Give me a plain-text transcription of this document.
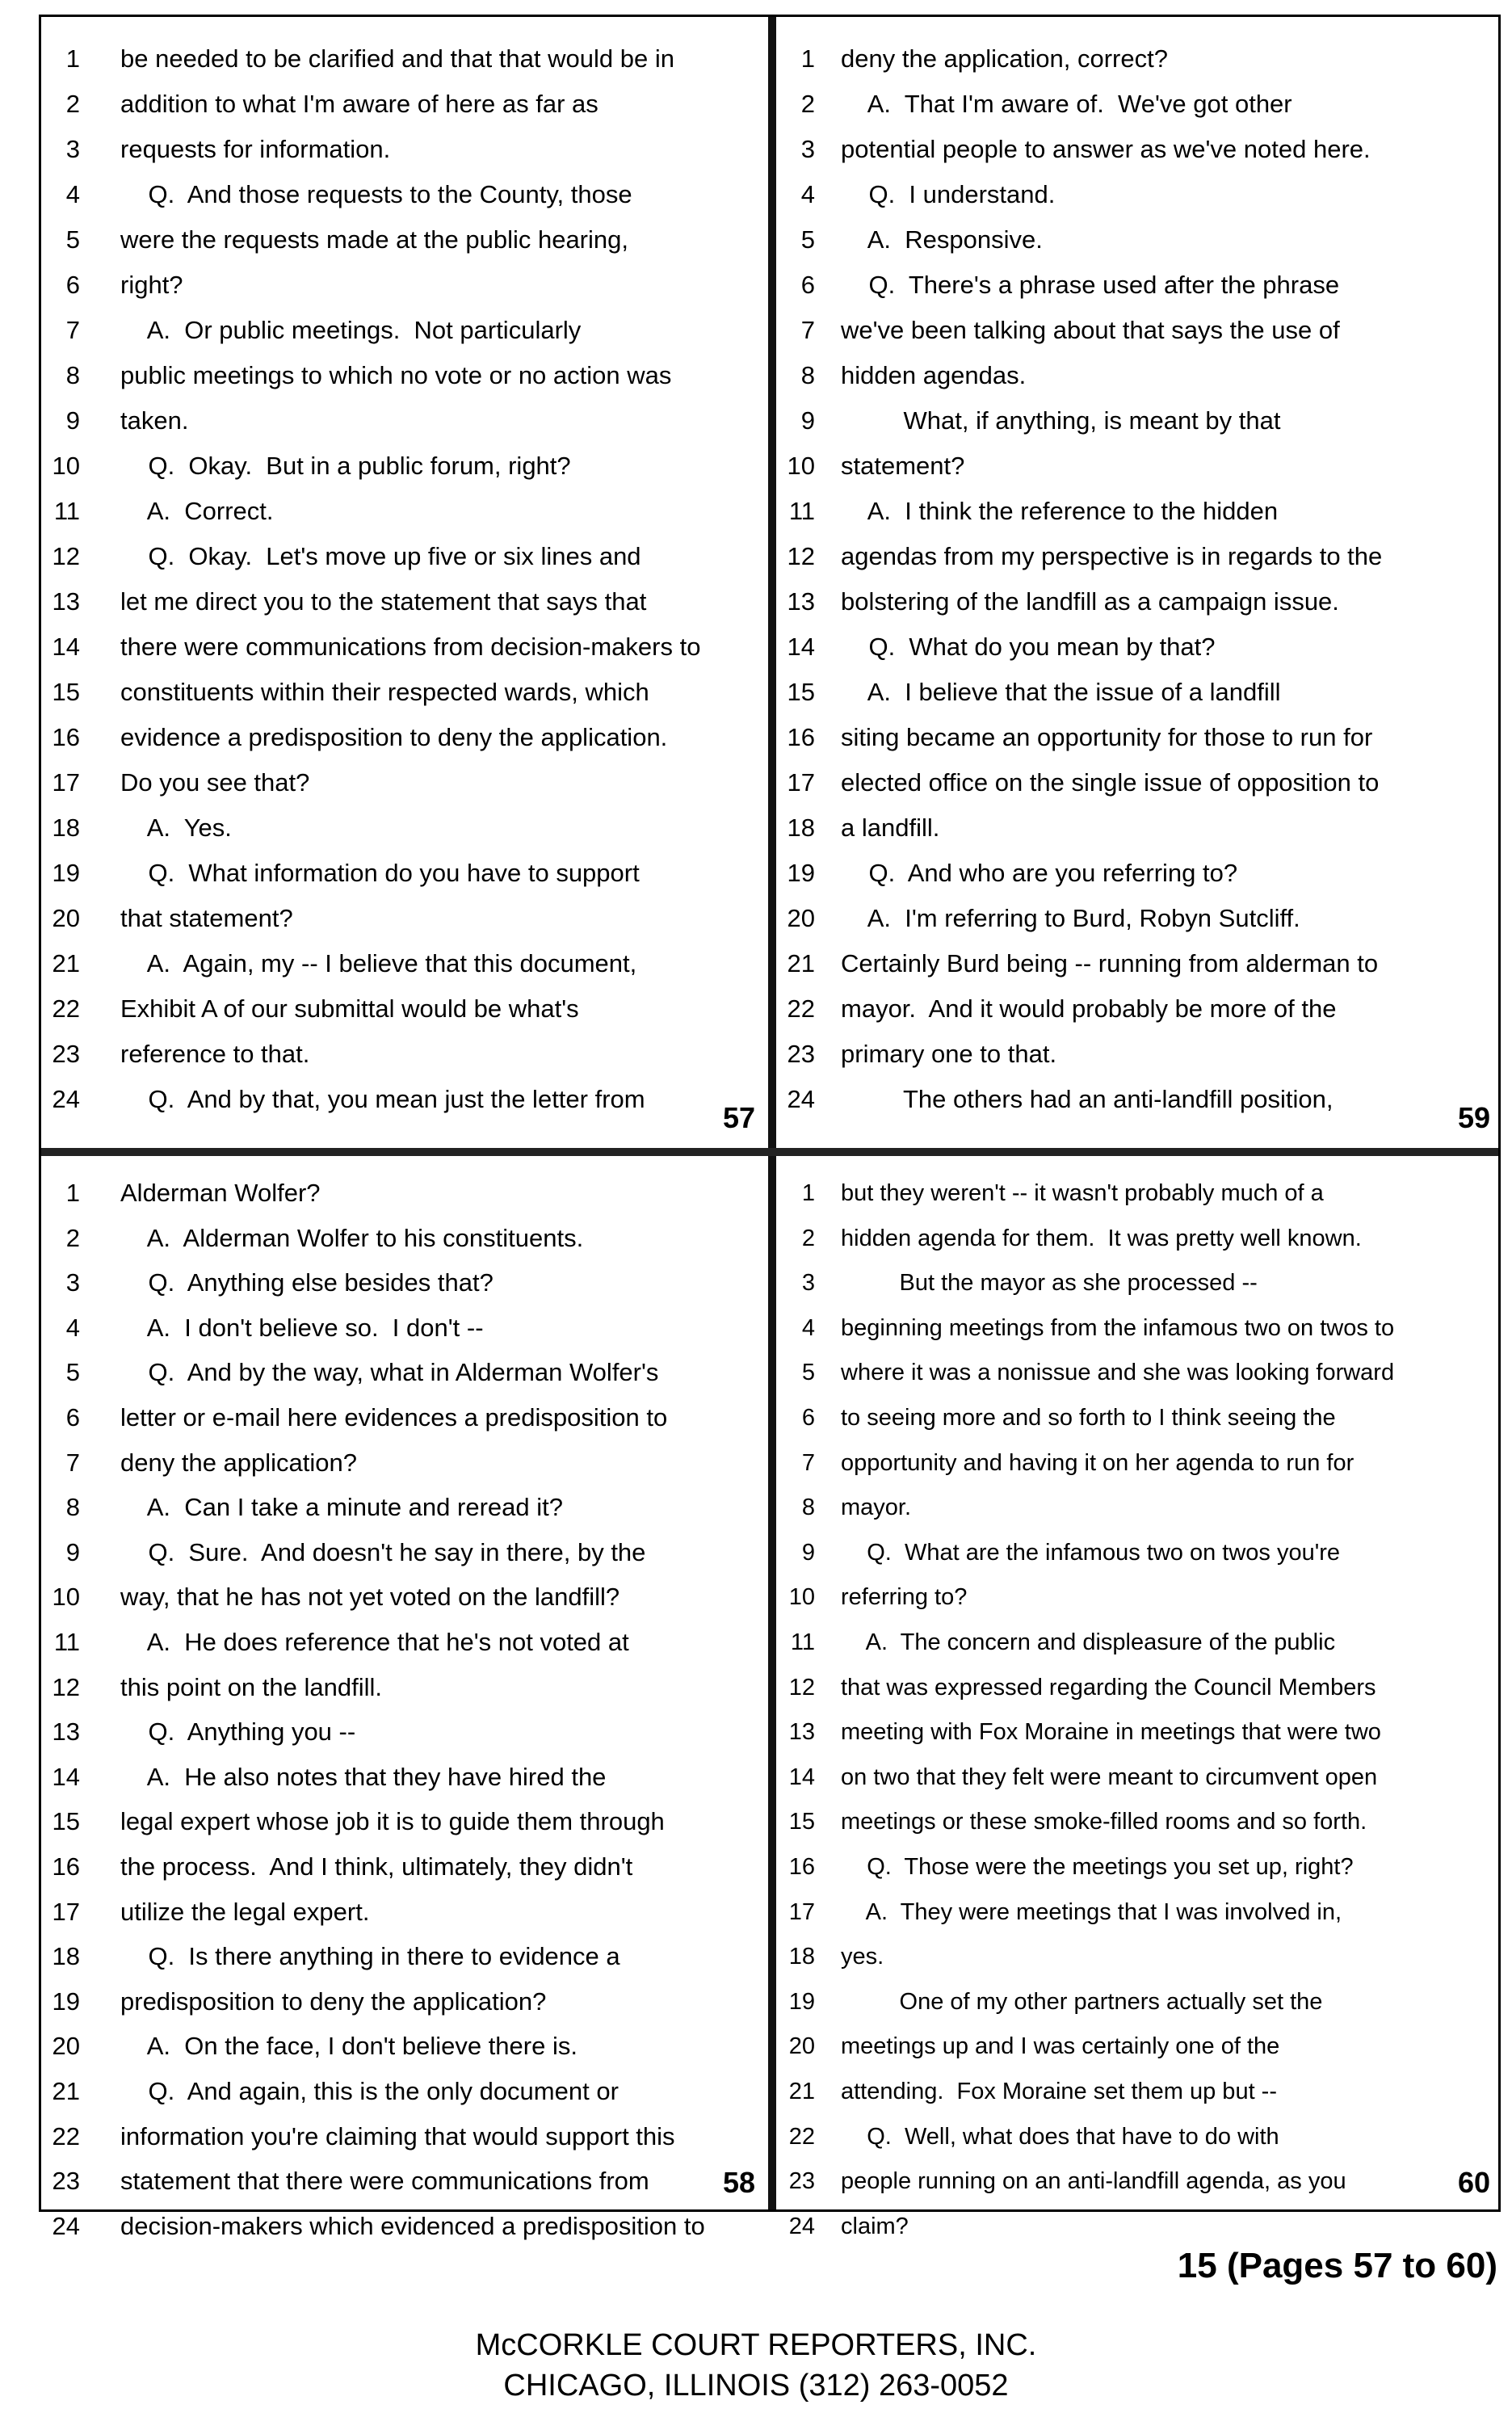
57
1 be needed to be clarified and that that would be in
2 addition to what I'm aware of here as far as
3 requests for information.
4 Q.  And those requests to the County, those
5 were the requests made at the public hearing,
6 right?
7 A.  Or public meetings.  Not particularly
8 public meetings to which no vote or no action was
9 taken.
10 Q.  Okay.  But in a public forum, right?
11 A.  Correct.
12 Q.  Okay.  Let's move up five or six lines and
13 let me direct you to the statement that says that
14 there were communications from decision-makers to
15 constituents within their respected wards, which
16 evidence a predisposition to deny the application.
17 Do you see that?
18 A.  Yes.
19 Q.  What information do you have to support
20 that statement?
21 A.  Again, my -- I believe that this document,
22 Exhibit A of our submittal would be what's
23 reference to that.
24 Q.  And by that, you mean just the letter from
59
1 deny the application, correct?
2 A.  That I'm aware of.  We've got other
3 potential people to answer as we've noted here.
4 Q.  I understand.
5 A.  Responsive.
6 Q.  There's a phrase used after the phrase
7 we've been talking about that says the use of
8 hidden agendas.
9 What, if anything, is meant by that
10 statement?
11 A.  I think the reference to the hidden
12 agendas from my perspective is in regards to the
13 bolstering of the landfill as a campaign issue.
14 Q.  What do you mean by that?
15 A.  I believe that the issue of a landfill
16 siting became an opportunity for those to run for
17 elected office on the single issue of opposition to
18 a landfill.
19 Q.  And who are you referring to?
20 A.  I'm referring to Burd, Robyn Sutcliff.
21 Certainly Burd being -- running from alderman to
22 mayor.  And it would probably be more of the
23 primary one to that.
24 The others had an anti-landfill position,
58
1 Alderman Wolfer?
2 A.  Alderman Wolfer to his constituents.
3 Q.  Anything else besides that?
4 A.  I don't believe so.  I don't --
5 Q.  And by the way, what in Alderman Wolfer's
6 letter or e-mail here evidences a predisposition to
7 deny the application?
8 A.  Can I take a minute and reread it?
9 Q.  Sure.  And doesn't he say in there, by the
10 way, that he has not yet voted on the landfill?
11 A.  He does reference that he's not voted at
12 this point on the landfill.
13 Q.  Anything you --
14 A.  He also notes that they have hired the
15 legal expert whose job it is to guide them through
16 the process.  And I think, ultimately, they didn't
17 utilize the legal expert.
18 Q.  Is there anything in there to evidence a
19 predisposition to deny the application?
20 A.  On the face, I don't believe there is.
21 Q.  And again, this is the only document or
22 information you're claiming that would support this
23 statement that there were communications from
24 decision-makers which evidenced a predisposition to
60
1 but they weren't -- it wasn't probably much of a
2 hidden agenda for them.  It was pretty well known.
3 But the mayor as she processed --
4 beginning meetings from the infamous two on twos to
5 where it was a nonissue and she was looking forward
6 to seeing more and so forth to I think seeing the
7 opportunity and having it on her agenda to run for
8 mayor.
9 Q.  What are the infamous two on twos you're
10 referring to?
11 A.  The concern and displeasure of the public
12 that was expressed regarding the Council Members
13 meeting with Fox Moraine in meetings that were two
14 on two that they felt were meant to circumvent open
15 meetings or these smoke-filled rooms and so forth.
16 Q.  Those were the meetings you set up, right?
17 A.  They were meetings that I was involved in,
18 yes.
19 One of my other partners actually set the
20 meetings up and I was certainly one of the
21 attending.  Fox Moraine set them up but --
22 Q.  Well, what does that have to do with
23 people running on an anti-landfill agenda, as you
24 claim?
15 (Pages 57 to 60)
McCORKLE COURT REPORTERS, INC.
CHICAGO, ILLINOIS (312) 263-0052
